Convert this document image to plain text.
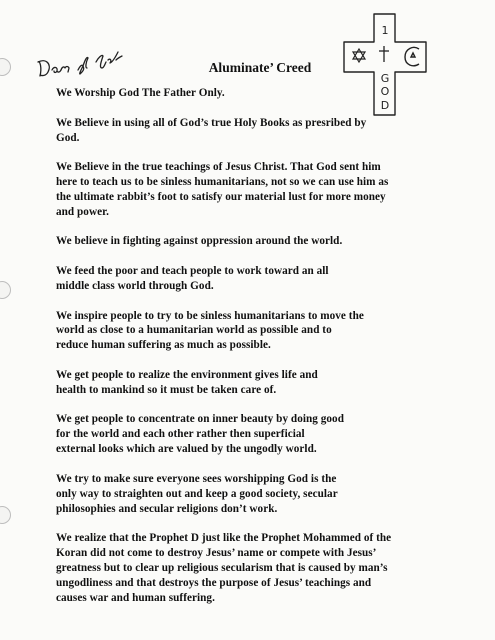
Aluminate’ Creed
1
G
O
D

We Worship God The Father Only.

We Believe in using all of God’s true Holy Books as presribed by
God.

We Believe in the true teachings of Jesus Christ. That God sent him
here to teach us to be sinless humanitarians, not so we can use him as
the ultimate rabbit’s foot to satisfy our material lust for more money
and power.

We believe in fighting against oppression around the world.

We feed the poor and teach people to work toward an all
middle class world through God.

We inspire people to try to be sinless humanitarians to move the
world as close to a humanitarian world as possible and to
reduce human suffering as much as possible.

We get people to realize the environment gives life and
health to mankind so it must be taken care of.

We get people to concentrate on inner beauty by doing good
for the world and each other rather then superficial
external looks which are valued by the ungodly world.

We try to make sure everyone sees worshipping God is the
only way to straighten out and keep a good society, secular
philosophies and secular religions don’t work.

We realize that the Prophet D just like the Prophet Mohammed of the
Koran did not come to destroy Jesus’ name or compete with Jesus’
greatness but to clear up religious secularism that is caused by man’s
ungodliness and that destroys the purpose of Jesus’ teachings and
causes war and human suffering.
